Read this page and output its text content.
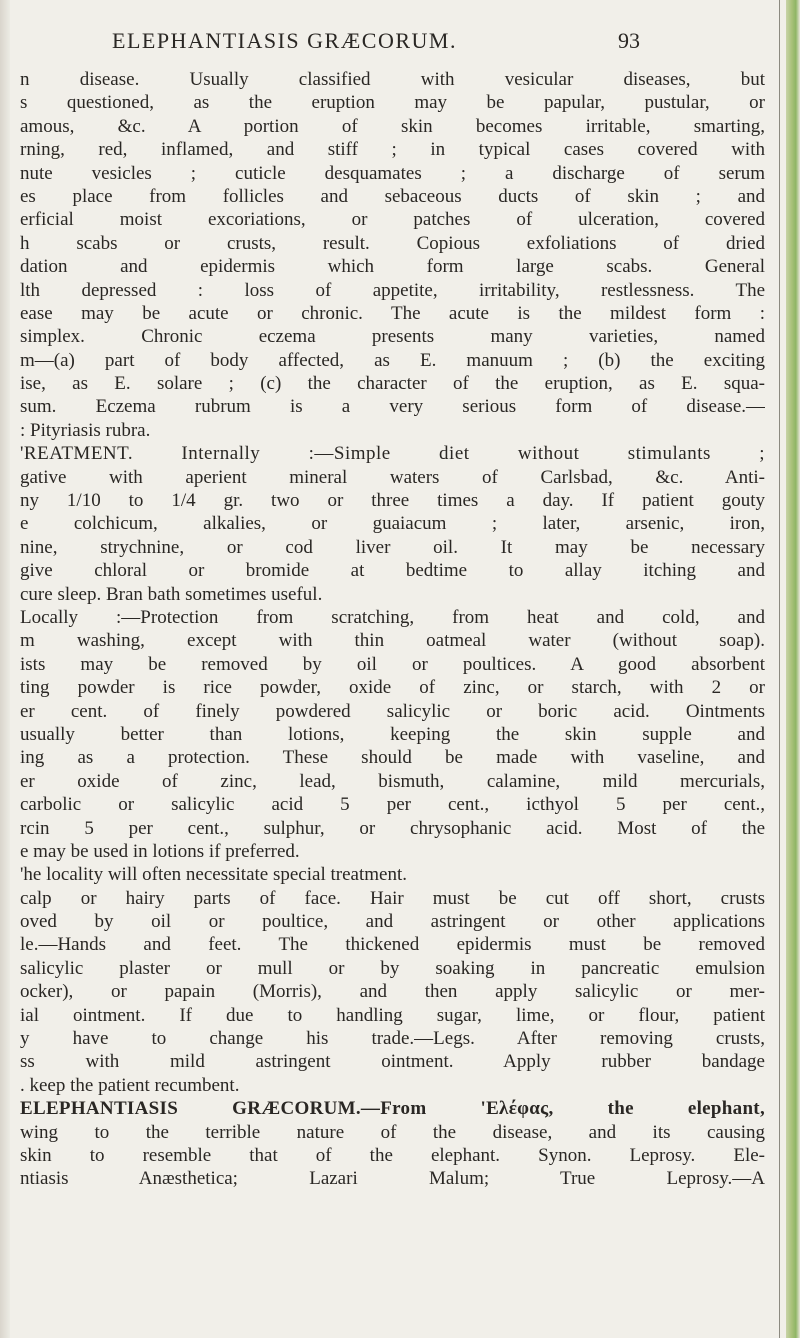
ELEPHANTIASIS GRÆCORUM.	93
n disease. Usually classified with vesicular diseases, but
s questioned, as the eruption may be papular, pustular, or
amous, &c. A portion of skin becomes irritable, smarting,
rning, red, inflamed, and stiff ; in typical cases covered with
nute vesicles ; cuticle desquamates ; a discharge of serum
es place from follicles and sebaceous ducts of skin ; and
erficial moist excoriations, or patches of ulceration, covered
h scabs or crusts, result. Copious exfoliations of dried
dation and epidermis which form large scabs. General
lth depressed : loss of appetite, irritability, restlessness. The
ease may be acute or chronic. The acute is the mildest form :
simplex. Chronic eczema presents many varieties, named
m—(a) part of body affected, as E. manuum ; (b) the exciting
ise, as E. solare ; (c) the character of the eruption, as E. squa-
sum. Eczema rubrum is a very serious form of disease.—
: Pityriasis rubra.
'REATMENT. Internally :—Simple diet without stimulants ;
gative with aperient mineral waters of Carlsbad, &c. Anti-
ny 1/10 to 1/4 gr. two or three times a day. If patient gouty
e colchicum, alkalies, or guaiacum ; later, arsenic, iron,
nine, strychnine, or cod liver oil. It may be necessary
give chloral or bromide at bedtime to allay itching and
cure sleep. Bran bath sometimes useful.
Locally :—Protection from scratching, from heat and cold, and
m washing, except with thin oatmeal water (without soap).
ists may be removed by oil or poultices. A good absorbent
ting powder is rice powder, oxide of zinc, or starch, with 2 or
er cent. of finely powdered salicylic or boric acid. Ointments
usually better than lotions, keeping the skin supple and
ing as a protection. These should be made with vaseline, and
er oxide of zinc, lead, bismuth, calamine, mild mercurials,
carbolic or salicylic acid 5 per cent., icthyol 5 per cent.,
rcin 5 per cent., sulphur, or chrysophanic acid. Most of the
e may be used in lotions if preferred.
'he locality will often necessitate special treatment.
calp or hairy parts of face. Hair must be cut off short, crusts
oved by oil or poultice, and astringent or other applications
le.—Hands and feet. The thickened epidermis must be removed
salicylic plaster or mull or by soaking in pancreatic emulsion
ocker), or papain (Morris), and then apply salicylic or mer-
ial ointment. If due to handling sugar, lime, or flour, patient
y have to change his trade.—Legs. After removing crusts,
ss with mild astringent ointment. Apply rubber bandage
. keep the patient recumbent.
ELEPHANTIASIS GRÆCORUM.—From 'Ελέφας, the elephant,
wing to the terrible nature of the disease, and its causing
skin to resemble that of the elephant. Synon. Leprosy. Ele-
ntiasis Anæsthetica; Lazari Malum; True Leprosy.—A
